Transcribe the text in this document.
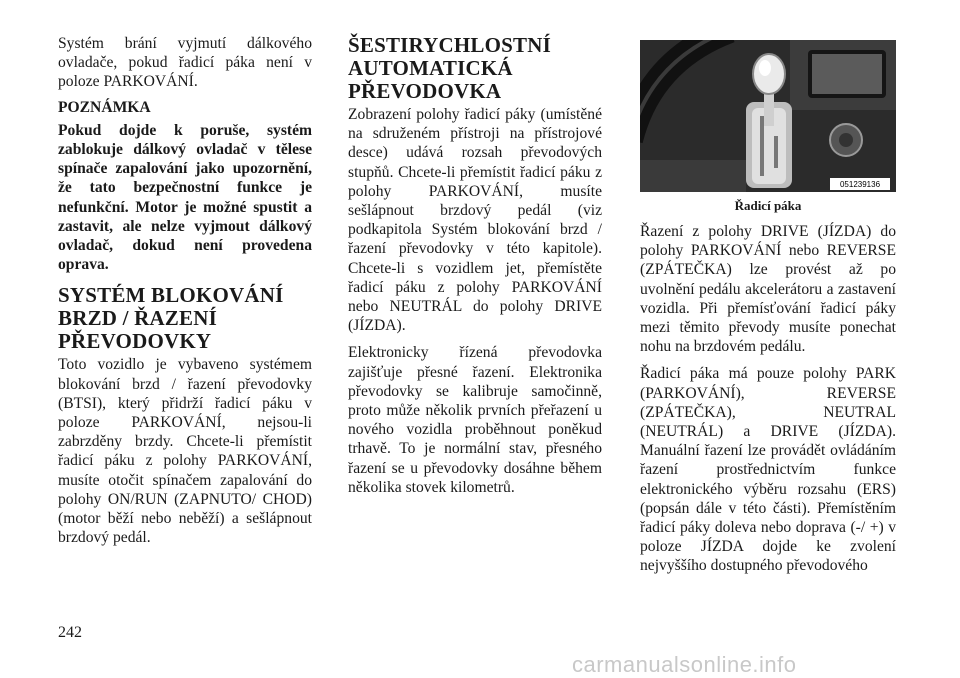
Systém brání vyjmutí dálkového ovladače, pokud řadicí páka není v poloze PARKOVÁNÍ.

POZNÁMKA

Pokud dojde k poruše, systém zablokuje dálkový ovladač v tělese spínače zapalování jako upozornění, že tato bezpečnostní funkce je nefunkční. Motor je možné spustit a zastavit, ale nelze vyjmout dálkový ovladač, dokud není provedena oprava.

SYSTÉM BLOKOVÁNÍ BRZD / ŘAZENÍ PŘEVODOVKY

Toto vozidlo je vybaveno systémem blokování brzd / řazení převodovky (BTSI), který přidrží řadicí páku v poloze PARKOVÁNÍ, nejsou-li zabrzděny brzdy. Chcete-li přemístit řadicí páku z polohy PARKOVÁNÍ, musíte otočit spínačem zapalování do polohy ON/RUN (ZAPNUTO/ CHOD) (motor běží nebo neběží) a sešlápnout brzdový pedál.

ŠESTIRYCHLOSTNÍ AUTOMATICKÁ PŘEVODOVKA

Zobrazení polohy řadicí páky (umístěné na sdruženém přístroji na přístrojové desce) udává rozsah převodových stupňů. Chcete-li přemístit řadicí páku z polohy PARKOVÁNÍ, musíte sešlápnout brzdový pedál (viz podkapitola Systém blokování brzd / řazení převodovky v této kapitole). Chcete-li s vozidlem jet, přemístěte řadicí páku z polohy PARKOVÁNÍ nebo NEUTRÁL do polohy DRIVE (JÍZDA).

Elektronicky řízená převodovka zajišťuje přesné řazení. Elektronika převodovky se kalibruje samočinně, proto může několik prvních přeřazení u nového vozidla proběhnout poněkud trhavě. To je normální stav, přesného řazení se u převodovky dosáhne během několika stovek kilometrů.

051239136
Řadicí páka

Řazení z polohy DRIVE (JÍZDA) do polohy PARKOVÁNÍ nebo REVERSE (ZPÁTEČKA) lze provést až po uvolnění pedálu akcelerátoru a zastavení vozidla. Při přemísťování řadicí páky mezi těmito převody musíte ponechat nohu na brzdovém pedálu.

Řadicí páka má pouze polohy PARK (PARKOVÁNÍ), REVERSE (ZPÁTEČKA), NEUTRAL (NEUTRÁL) a DRIVE (JÍZDA). Manuální řazení lze provádět ovládáním řazení prostřednictvím funkce elektronického výběru rozsahu (ERS) (popsán dále v této části). Přemístěním řadicí páky doleva nebo doprava (-/ +) v poloze JÍZDA dojde ke zvolení nejvyššího dostupného převodového

242
carmanualsonline.info
